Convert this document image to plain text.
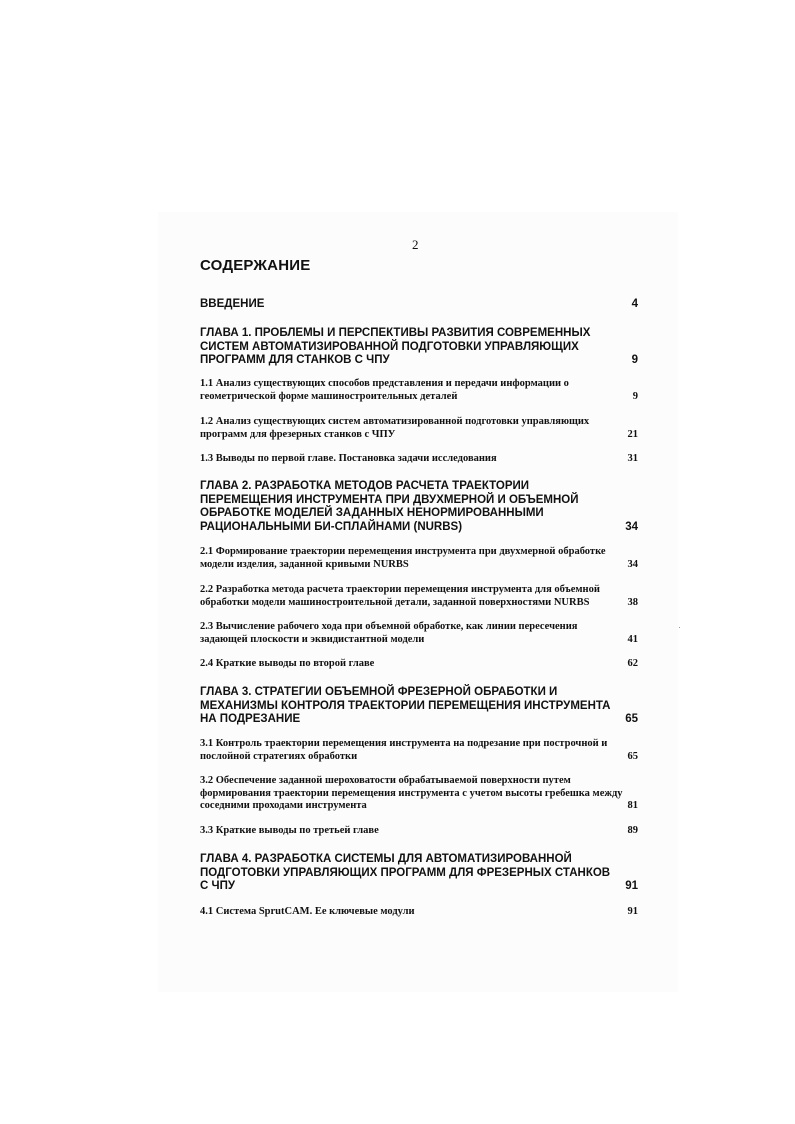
2
СОДЕРЖАНИЕ
ВВЕДЕНИЕ	4
ГЛАВА 1. ПРОБЛЕМЫ И ПЕРСПЕКТИВЫ РАЗВИТИЯ СОВРЕМЕННЫХ СИСТЕМ АВТОМАТИЗИРОВАННОЙ ПОДГОТОВКИ УПРАВЛЯЮЩИХ ПРОГРАММ ДЛЯ СТАНКОВ С ЧПУ	9
1.1 Анализ существующих способов представления и передачи информации о геометрической форме машиностроительных деталей	9
1.2 Анализ существующих систем автоматизированной подготовки управляющих программ для фрезерных станков с ЧПУ	21
1.3 Выводы по первой главе. Постановка задачи исследования	31
ГЛАВА 2. РАЗРАБОТКА МЕТОДОВ РАСЧЕТА ТРАЕКТОРИИ ПЕРЕМЕЩЕНИЯ ИНСТРУМЕНТА ПРИ ДВУХМЕРНОЙ И ОБЪЕМНОЙ ОБРАБОТКЕ МОДЕЛЕЙ ЗАДАННЫХ НЕНОРМИРОВАННЫМИ РАЦИОНАЛЬНЫМИ БИ-СПЛАЙНАМИ (NURBS)	34
2.1 Формирование траектории перемещения инструмента при двухмерной обработке модели изделия, заданной кривыми NURBS	34
2.2 Разработка метода расчета траектории перемещения инструмента для объемной обработки модели машиностроительной детали, заданной поверхностями NURBS	38
2.3 Вычисление рабочего хода при объемной обработке, как линии пересечения задающей плоскости и эквидистантной модели	41
2.4 Краткие выводы по второй главе	62
ГЛАВА 3. СТРАТЕГИИ ОБЪЕМНОЙ ФРЕЗЕРНОЙ ОБРАБОТКИ И МЕХАНИЗМЫ КОНТРОЛЯ ТРАЕКТОРИИ ПЕРЕМЕЩЕНИЯ ИНСТРУМЕНТА НА ПОДРЕЗАНИЕ	65
3.1 Контроль траектории перемещения инструмента на подрезание при построчной и послойной стратегиях обработки	65
3.2 Обеспечение заданной шероховатости обрабатываемой поверхности путем формирования траектории перемещения инструмента с учетом высоты гребешка между соседними проходами инструмента	81
3.3 Краткие выводы по третьей главе	89
ГЛАВА 4. РАЗРАБОТКА СИСТЕМЫ ДЛЯ АВТОМАТИЗИРОВАННОЙ ПОДГОТОВКИ УПРАВЛЯЮЩИХ ПРОГРАММ ДЛЯ ФРЕЗЕРНЫХ СТАНКОВ С ЧПУ	91
4.1 Система SprutCAM. Ее ключевые модули	91
